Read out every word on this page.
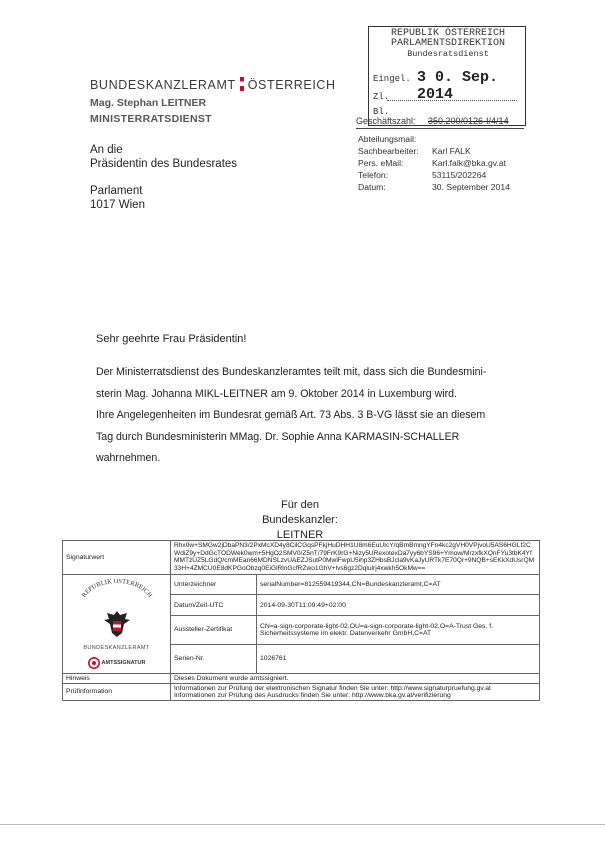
BUNDESKANZLERAMT ÖSTERREICH
Mag. Stephan LEITNER
MINISTERRATSDIENST
REPUBLIK ÖSTERREICH
PARLAMENTSDIREKTION
Bundesratsdienst
Eingel. 3 0. Sep. 2014
Zl.
Bl.
Geschäftszahl: 350.200/0126-I/4/14
Abteilungsmail:
Sachbearbeiter:	Karl FALK
Pers. eMail:	Karl.falk@bka.gv.at
Telefon:	53115/202264
Datum:	30. September 2014
An die
Präsidentin des Bundesrates
Parlament
1017 Wien
Sehr geehrte Frau Präsidentin!
Der Ministerratsdienst des Bundeskanzleramtes teilt mit, dass sich die Bundesmini-
sterin Mag. Johanna MIKL-LEITNER am 9. Oktober 2014 in Luxemburg wird.
Ihre Angelegenheiten im Bundesrat gemäß Art. 73 Abs. 3 B-VG lässt sie an diesem
Tag durch Bundesministerin MMag. Dr. Sophie Anna KARMASIN-SCHALLER
wahrnehmen.
Für den Bundeskanzler:
LEITNER
Signaturwert	Rhx0w+SMGw2jDbaPN3/2PxMcXD4y8CilCGqsPFkjHuDHH1U8m6EuUIcY/qBmBmngYFn4kc2gVH0VPjvoU5AS6HGLf2CWdiZ9y+DdGcTODWek0wm+5HgO2SMV0/Z5nT/79FrK9rG+Nizy5URexotexDa7yy6bYS96+Ymow/MrzxfkXQnFYu3tbK4YfMMTzUZ5LGdQ/cmMEan66MDNSLzvUAEZJSutP0MwlFwpU5ihp3ZHbsBJcla9vKaJyURTk7E70Qr+9NQB+sEKkXdUsrQM33H+4ZMCU0E8dKPGoObzq0EiGlRlnGcfRZwo1GhV+lvs6gz2Dqlulrj4xwkh5OkMw==	

REPUBLIK ÖSTERREICH

BUNDESKANZLERAMT
AMTSSIGNATUR	Unterzeichner	serialNumber=812559419344,CN=Bundeskanzleramt,C=AT
	Datum/Zeit-UTC	2014-09-30T11:09:49+02:00
	Aussteller-Zertifikat	CN=a-sign-corporate-light-02,OU=a-sign-corporate-light-02,O=A-Trust Ges. f. Sicherheitssysteme im elektr. Datenverkehr GmbH,C=AT
	Serien-Nr.	1026761
Hinweis	Dieses Dokument wurde amtssigniert.	
Prüfinformation	Informationen zur Prüfung der elektronischen Signatur finden Sie unter: http://www.signaturpruefung.gv.at
Informationen zur Prüfung des Ausdrucks finden Sie unter: http://www.bka.gv.at/verifizierung	
